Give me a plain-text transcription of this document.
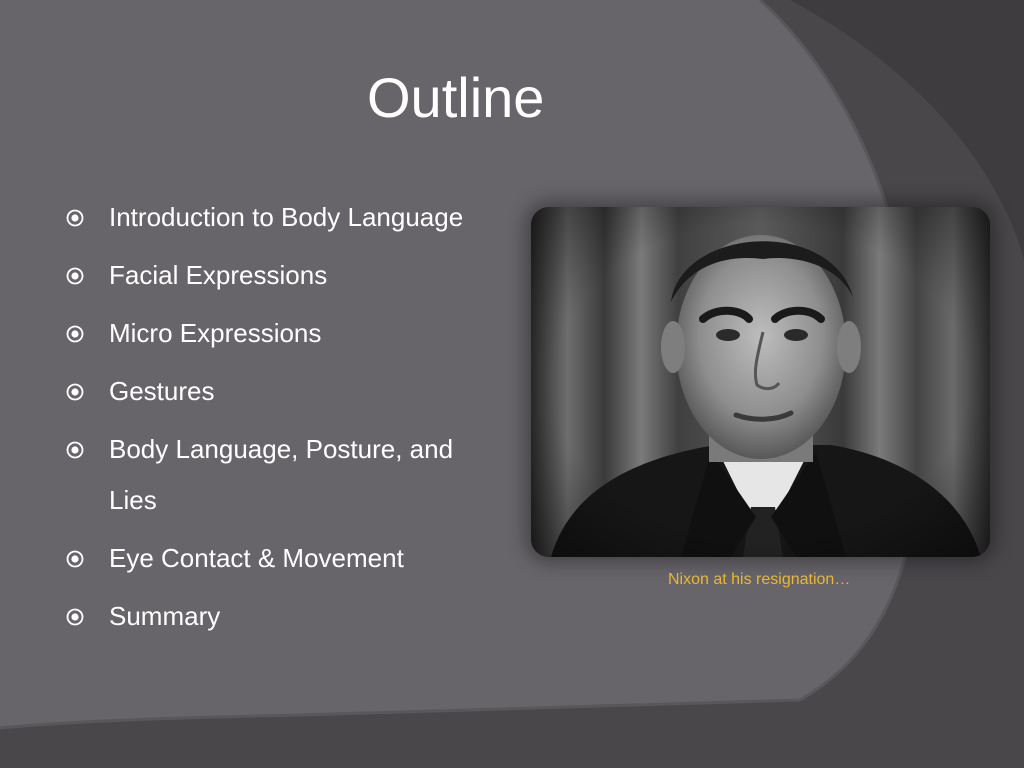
Outline
Introduction to Body Language
Facial Expressions
Micro Expressions
Gestures
Body Language, Posture, and Lies
Eye Contact & Movement
Summary
Nixon at his resignation…
